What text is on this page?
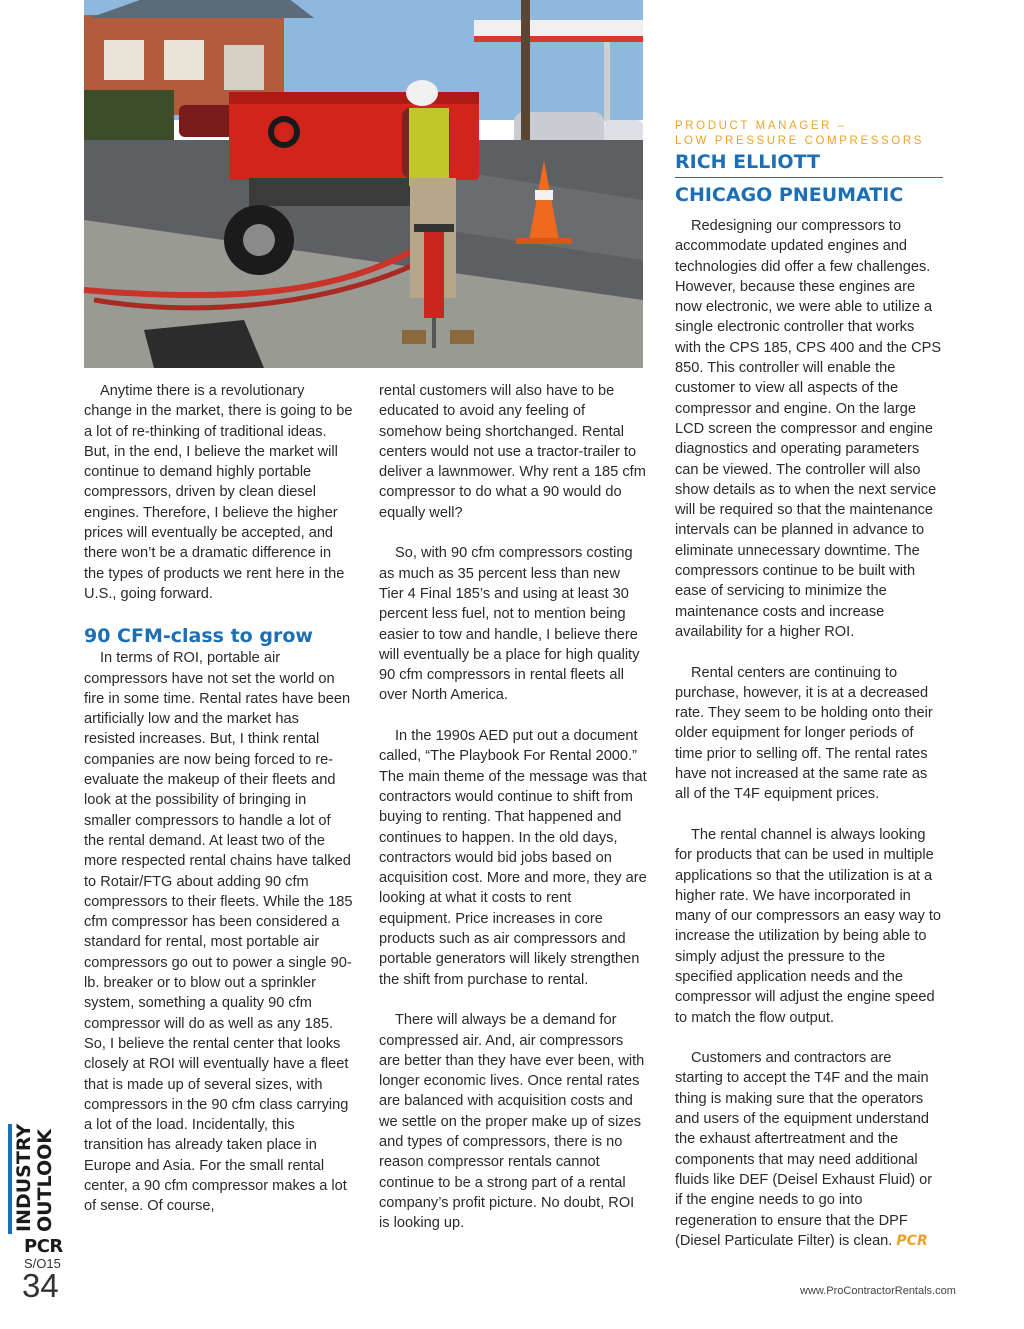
Anytime there is a revolutionary change in the market, there is going to be a lot of re-thinking of traditional ideas. But, in the end, I believe the market will continue to demand highly portable compressors, driven by clean diesel engines. Therefore, I believe the higher prices will eventually be accepted, and there won’t be a dramatic difference in the types of products we rent here in the U.S., going forward.

90 CFM-class to grow

In terms of ROI, portable air compressors have not set the world on fire in some time. Rental rates have been artificially low and the market has resisted increases. But, I think rental companies are now being forced to re-evaluate the makeup of their fleets and look at the possibility of bringing in smaller compressors to handle a lot of the rental demand. At least two of the more respected rental chains have talked to Rotair/FTG about adding 90 cfm compressors to their fleets. While the 185 cfm compressor has been considered a standard for rental, most portable air compressors go out to power a single 90-lb. breaker or to blow out a sprinkler system, something a quality 90 cfm compressor will do as well as any 185. So, I believe the rental center that looks closely at ROI will eventually have a fleet that is made up of several sizes, with compressors in the 90 cfm class carrying a lot of the load. Incidentally, this transition has already taken place in Europe and Asia. For the small rental center, a 90 cfm compressor makes a lot of sense. Of course,

rental customers will also have to be educated to avoid any feeling of somehow being shortchanged. Rental centers would not use a tractor-trailer to deliver a lawnmower. Why rent a 185 cfm compressor to do what a 90 would do equally well?

So, with 90 cfm compressors costing as much as 35 percent less than new Tier 4 Final 185’s and using at least 30 percent less fuel, not to mention being easier to tow and handle, I believe there will eventually be a place for high quality 90 cfm compressors in rental fleets all over North America.

In the 1990s AED put out a document called, “The Playbook For Rental 2000.” The main theme of the message was that contractors would continue to shift from buying to renting. That happened and continues to happen. In the old days, contractors would bid jobs based on acquisition cost. More and more, they are looking at what it costs to rent equipment. Price increases in core products such as air compressors and portable generators will likely strengthen the shift from purchase to rental.

There will always be a demand for compressed air. And, air compressors are better than they have ever been, with longer economic lives. Once rental rates are balanced with acquisition costs and we settle on the proper make up of sizes and types of compressors, there is no reason compressor rentals cannot continue to be a strong part of a rental company’s profit picture. No doubt, ROI is looking up.

PRODUCT MANAGER –
LOW PRESSURE COMPRESSORS
RICH ELLIOTT
CHICAGO PNEUMATIC

Redesigning our compressors to accommodate updated engines and technologies did offer a few challenges. However, because these engines are now electronic, we were able to utilize a single electronic controller that works with the CPS 185, CPS 400 and the CPS 850. This controller will enable the customer to view all aspects of the compressor and engine. On the large LCD screen the compressor and engine diagnostics and operating parameters can be viewed. The controller will also show details as to when the next service will be required so that the maintenance intervals can be planned in advance to eliminate unnecessary downtime. The compressors continue to be built with ease of servicing to minimize the maintenance costs and increase availability for a higher ROI.

Rental centers are continuing to purchase, however, it is at a decreased rate. They seem to be holding onto their older equipment for longer periods of time prior to selling off. The rental rates have not increased at the same rate as all of the T4F equipment prices.

The rental channel is always looking for products that can be used in multiple applications so that the utilization is at a higher rate. We have incorporated in many of our compressors an easy way to increase the utilization by being able to simply adjust the pressure to the specified application needs and the compressor will adjust the engine speed to match the flow output.

Customers and contractors are starting to accept the T4F and the main thing is making sure that the operators and users of the equipment understand the exhaust aftertreatment and the components that may need additional fluids like DEF (Deisel Exhaust Fluid) or if the engine needs to go into regeneration to ensure that the DPF (Diesel Particulate Filter) is clean. PCR

INDUSTRY OUTLOOK
PCR
S/O15
34	www.ProContractorRentals.com
